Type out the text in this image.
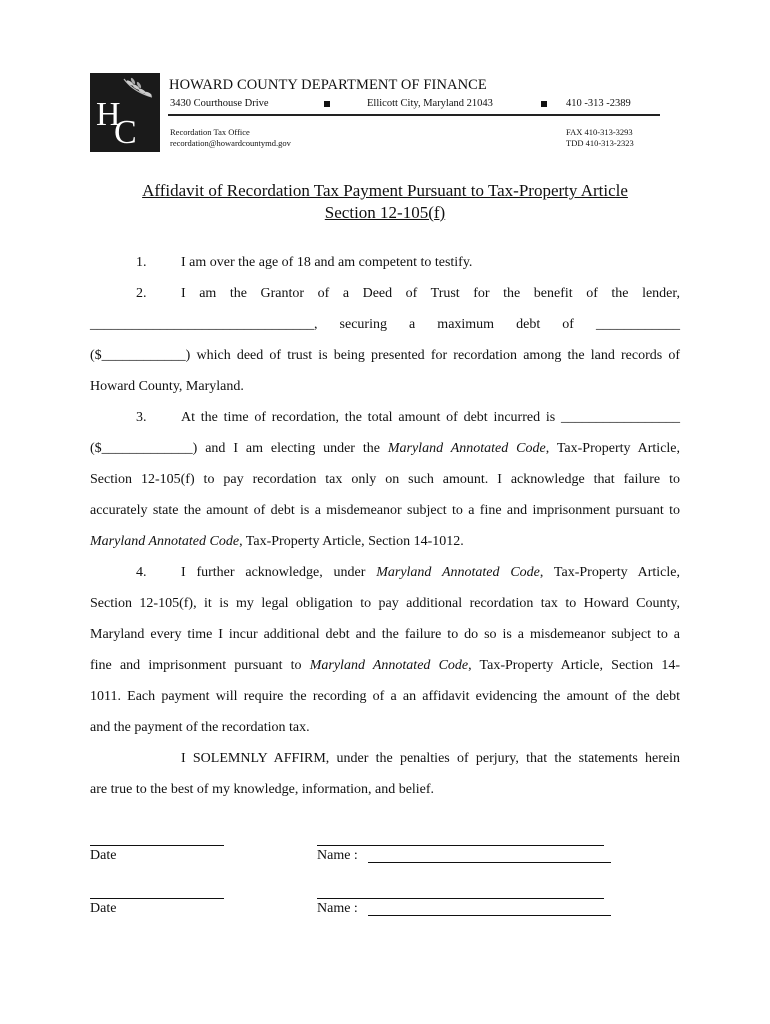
H
C
HOWARD COUNTY DEPARTMENT OF FINANCE
3430 Courthouse Drive	Ellicott City, Maryland 21043	410 -313 -2389
Recordation Tax Office
recordation@howardcountymd.gov
FAX 410-313-3293
TDD 410-313-2323
Affidavit of Recordation Tax Payment Pursuant to Tax-Property Article
Section 12-105(f)
1. I am over the age of 18 and am competent to testify.
2. I am the Grantor of a Deed of Trust for the benefit of the lender,
________________________________, securing a maximum debt of ____________
($____________) which deed of trust is being presented for recordation among the land records of
Howard County, Maryland.
3. At the time of recordation, the total amount of debt incurred is _________________
($_____________) and I am electing under the Maryland Annotated Code, Tax-Property Article,
Section 12-105(f) to pay recordation tax only on such amount. I acknowledge that failure to
accurately state the amount of debt is a misdemeanor subject to a fine and imprisonment pursuant to
Maryland Annotated Code, Tax-Property Article, Section 14-1012.
4. I further acknowledge, under Maryland Annotated Code, Tax-Property Article,
Section 12-105(f), it is my legal obligation to pay additional recordation tax to Howard County,
Maryland every time I incur additional debt and the failure to do so is a misdemeanor subject to a
fine and imprisonment pursuant to Maryland Annotated Code, Tax-Property Article, Section 14-
1011. Each payment will require the recording of a an affidavit evidencing the amount of the debt
and the payment of the recordation tax.
I SOLEMNLY AFFIRM, under the penalties of perjury, that the statements herein
are true to the best of my knowledge, information, and belief.
Date	Name :
Date	Name :
